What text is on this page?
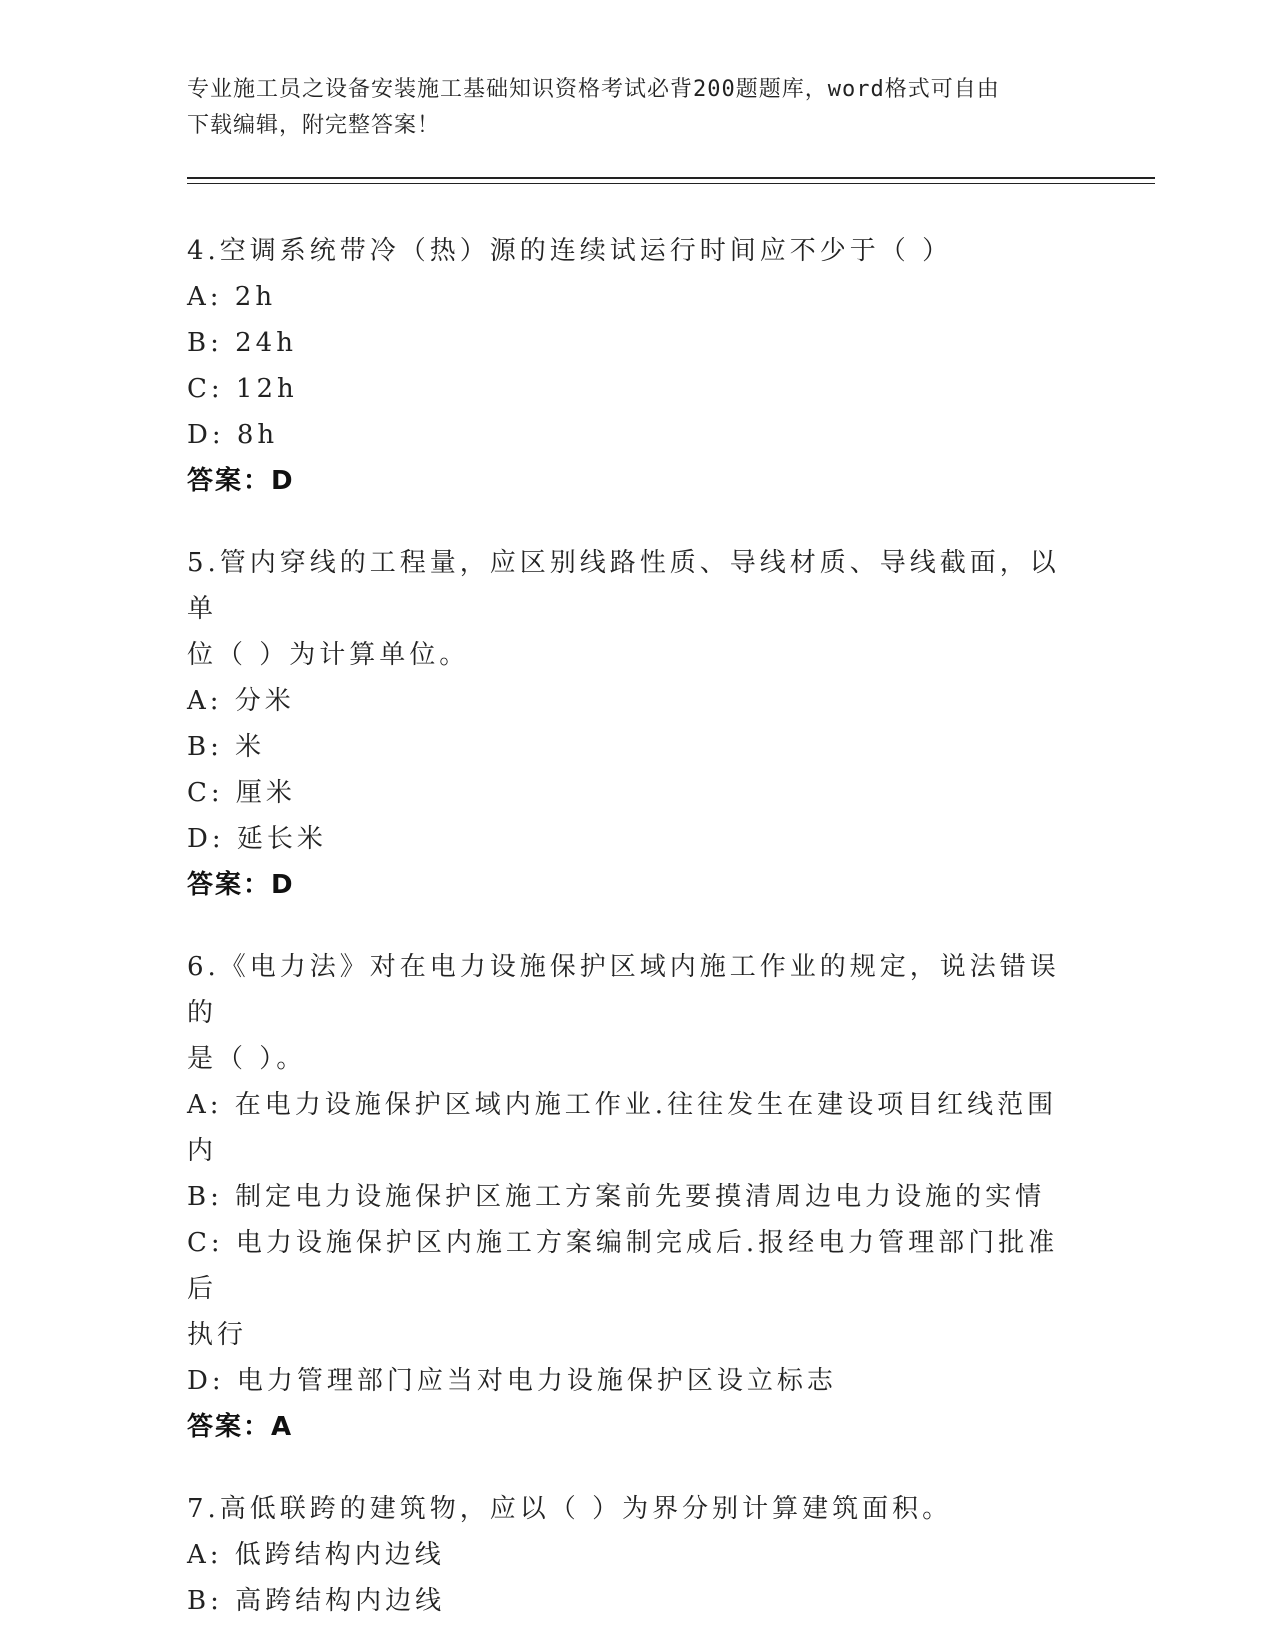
专业施工员之设备安装施工基础知识资格考试必背200题题库，word格式可自由
下载编辑，附完整答案！
4.空调系统带冷（热）源的连续试运行时间应不少于（ ）
A: 2h
B: 24h
C: 12h
D: 8h
答案：D
5.管内穿线的工程量，应区别线路性质、导线材质、导线截面，以单
位（ ）为计算单位。
A: 分米
B: 米
C: 厘米
D: 延长米
答案：D
6.《电力法》对在电力设施保护区域内施工作业的规定，说法错误的
是（ ）。
A: 在电力设施保护区域内施工作业.往往发生在建设项目红线范围内
B: 制定电力设施保护区施工方案前先要摸清周边电力设施的实情
C: 电力设施保护区内施工方案编制完成后.报经电力管理部门批准后
执行
D: 电力管理部门应当对电力设施保护区设立标志
答案：A
7.高低联跨的建筑物，应以（ ）为界分别计算建筑面积。
A: 低跨结构内边线
B: 高跨结构内边线
